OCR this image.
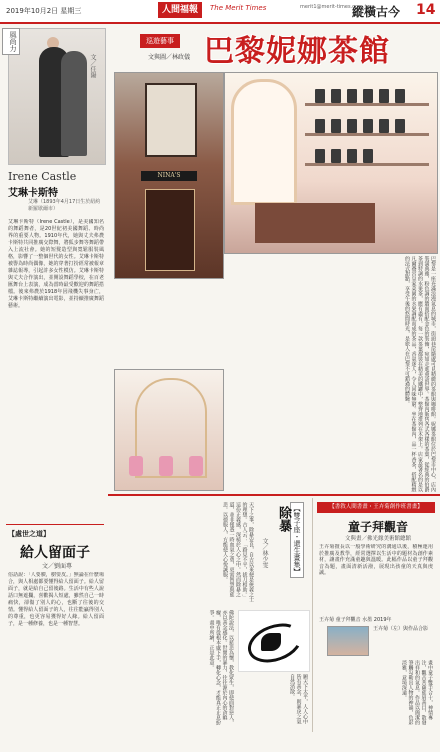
2019年10月2日 星期三	人間福報	The Merit Times	merit1@merit-times.com.tw
縱橫古今 14
風尚力
文／任陽
Irene Castle
艾琳卡斯特
艾琳（1893年4月17日生於紐約新羅歇爾市）
艾琳卡斯特（Irene Castle），是美國知名的舞蹈舞者，是20世紀初美國舞蹈、時尚界的重要人物。1910年代，她與丈夫弗農卡斯特共同推廣交際舞，將狐步舞等舞蹈帶入上流社會。她的短髮造型與寬鬆服裝風格，影響了一整個世代的女性。艾琳卡斯特被譽為時尚偶像，她的穿著打扮經常被報章雜誌報導，引起許多女性模仿。艾琳卡斯特與丈夫合作演出，並開設舞蹈學校，在百老匯舞台上表演，成為當時最受歡迎的舞蹈搭檔。後來弗農於1918年因飛機失事身亡，艾琳卡斯特繼續演出電影，並持續推廣舞蹈藝術。
【處世之道】
給人留面子
文／劉面專
俗話說：「人要臉，樹要皮。」無論在什麼場合，與人相處都要懂得給人留面子。給人留面子，就是給自己留後路。生活中有些人說話口無遮攔，喜歡揭人短處，雖然自己一時痛快，卻傷了別人的心，也斷了往後的交情。懂得給人留面子的人，往往能贏得別人的尊重，也更容易獲得好人緣。給人留面子，是一種修養，也是一種智慧。
巡遊藝事
文與圖／林政儀 巴黎妮娜茶館
NINA'S
巴黎是一座充滿浪漫氣息的城市，街頭巷尾隨處可見精緻的茶館與咖啡館。妮娜茶館位於巴黎市中心，店內裝潢典雅，粉色調的牆面搭配金色的裝飾，宛如走進童話世界。茶館內販售各式各樣的茶葉，從經典的伯爵茶到特調的水果茶，應有盡有。每一款茶葉都裝在精美的鐵罐中，整齊地排列在木架上。店家最著名的是以凡爾賽宮皇家菜園的水果調配而成的茶品，香氣迷人，令人回味無窮。坐在茶館內，品一杯香茶，搭配精緻的法式甜點，享受午後的悠閒時光，是旅人在巴黎不可錯過的體驗。
【雙子座・還生畫集】
除暴
文／林少雯
天下之事，除暴安良，自古以來便是俠義之士的理想。古人云：「路見不平，拔刀相助。」這份正義感，深植於人心之中。然而除暴之道，並非僅憑一時血氣之勇，更需智慧與慈悲。以德服人，方能使人心悅誠服。
佛陀說法，以慈悲為懷，教化眾生，即使面對惡人，亦以善念感化。世間的暴力，往往源於內心的貪瞋癡，唯有從根本處下手，轉化心念，才能真正止息紛爭。畫中所繪，正是此意。
願天下太平，人人心中皆有善念，則暴戾之氣自然消散。
【書敘人間書畫・王卉菊創作班書畫】
童子拜觀音
文與畫／佛光緣美術館總館
王卉菊擅長以一般學術研究的溝通以後，積極運用於推廣及教學，經常選擇以生活中的題材為創作素材，讓畫作充滿童趣與溫暖。此幅作品以童子拜觀音為題，畫面清新活潑，展現出孩童的天真與虔誠。
王卉菊 童子拜觀音 水墨 2019年
王卉菊（左）與作品合影
畫中童子雙手合十，神情專注，觀音菩薩慈眉善目，散發出祥和的氣息。作品以簡潔的筆觸勾勒出人物的神韻，色彩淡雅，意境深遠。
